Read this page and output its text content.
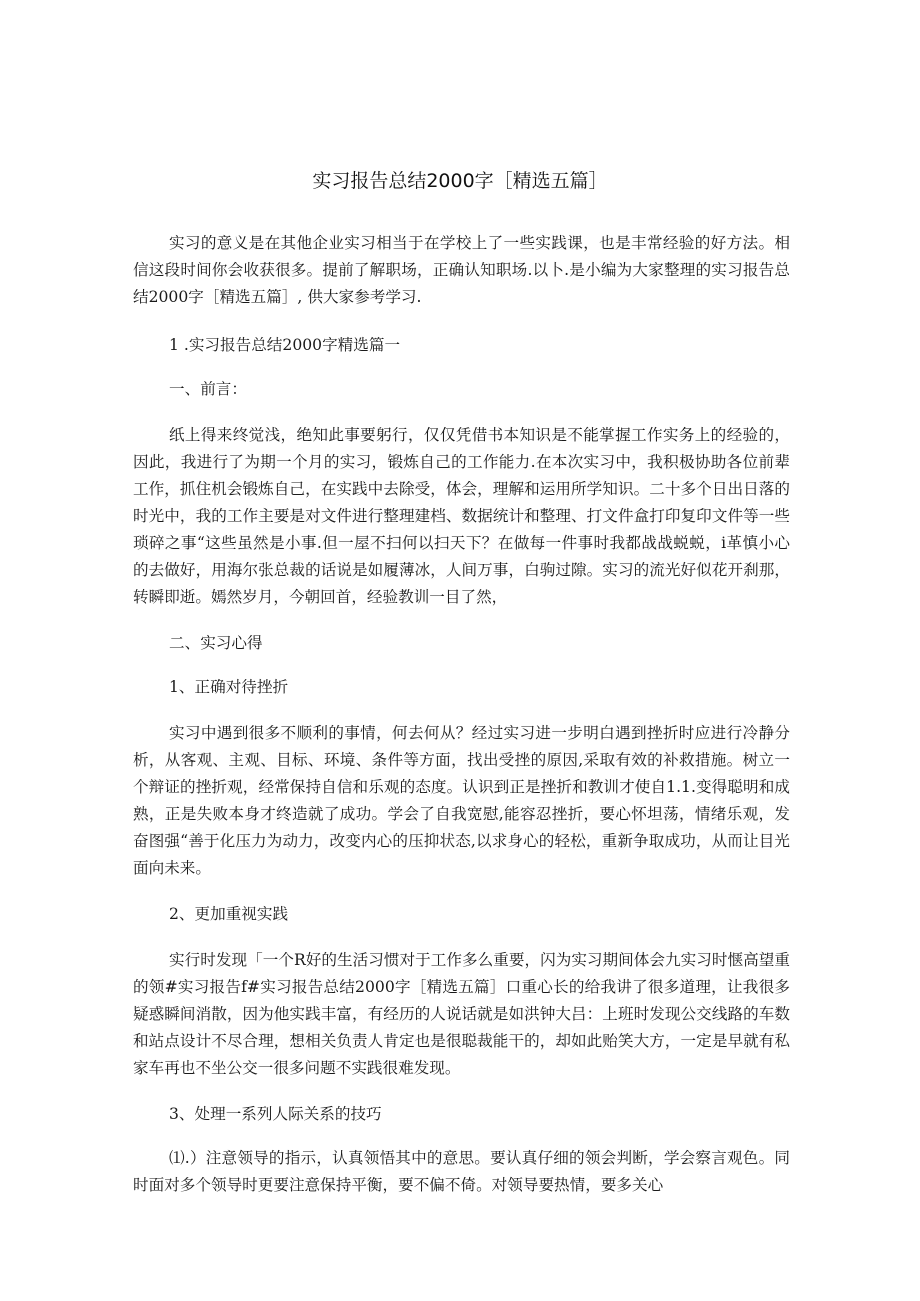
实习报告总结2000字［精选五篇］

实习的意义是在其他企业实习相当于在学校上了一些实践课，也是丰常经验的好方法。相信这段时间你会收获很多。提前了解职场，正确认知职场.以卜.是小编为大家整理的实习报告总结2000字［精选五篇］, 供大家参考学习.

1 .实习报告总结2000字精选篇一

一、前言：

纸上得来终觉浅，绝知此事要躬行，仅仅凭借书本知识是不能掌握工作实务上的经验的，因此，我进行了为期一个月的实习，锻炼自己的工作能力.在本次实习中，我积极协助各位前辈工作，抓住机会锻炼自己，在实践中去除受，体会，理解和运用所学知识。二十多个日出日落的时光中，我的工作主要是对文件进行整理建档、数据统计和整理、打文件盒打印复印文件等一些琐碎之事“这些虽然是小事.但一屋不扫何以扫天下？在做每一件事时我都战战蜕蜕，i革慎小心的去做好，用海尔张总裁的话说是如履薄冰，人间万事，白驹过隙。实习的流光好似花开刹那，转瞬即逝。嫣然岁月，今朝回首，经验教训一目了然，

二、实习心得

1、正确对待挫折

实习中遇到很多不顺利的事情，何去何从？经过实习进一步明白遇到挫折时应进行冷静分析，从客观、主观、目标、环境、条件等方面，找出受挫的原因,采取有效的补救措施。树立一个辩证的挫折观，经常保持自信和乐观的态度。认识到正是挫折和教训才使自1.1.变得聪明和成熟，正是失败本身才终造就了成功。学会了自我宽慰,能容忍挫折，要心怀坦荡，情绪乐观，发奋图强“善于化压力为动力，改变内心的压抑状态,以求身心的轻松，重新争取成功，从而让目光面向未来。

2、更加重视实践

实行时发现「一个R好的生活习惯对于工作多么重要，闪为实习期间体会九实习时惬高望重的领#实习报告f#实习报告总结2000字［精选五篇］口重心长的给我讲了很多道理，让我很多疑惑瞬间消散，因为他实践丰富，有经历的人说话就是如洪钟大吕：上班时发现公交线路的车数和站点设计不尽合理，想相关负责人肯定也是很聪裁能干的，却如此贻笑大方，一定是早就有私家车再也不坐公交一很多问题不实践很难发现。

3、处理一系列人际关系的技巧

⑴.）注意领导的指示，认真领悟其中的意思。要认真仔细的领会判断，学会察言观色。同时面对多个领导时更要注意保持平衡，要不偏不倚。对领导要热情，要多关心
